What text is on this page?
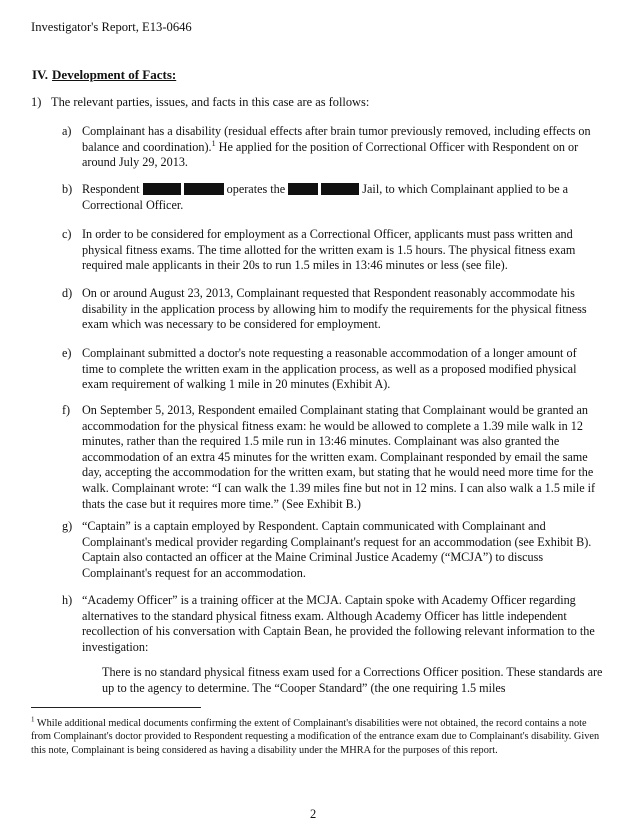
Investigator's Report, E13-0646
IV. Development of Facts:
1) The relevant parties, issues, and facts in this case are as follows:
a) Complainant has a disability (residual effects after brain tumor previously removed, including effects on balance and coordination).$^1$ He applied for the position of Correctional Officer with Respondent on or around July 29, 2013.
b) Respondent	operates the	Jail, to which Complainant applied to be a Correctional Officer.
c) In order to be considered for employment as a Correctional Officer, applicants must pass written and physical fitness exams. The time allotted for the written exam is 1.5 hours. The physical fitness exam required male applicants in their 20s to run 1.5 miles in 13:46 minutes or less (see file).
d) On or around August 23, 2013, Complainant requested that Respondent reasonably accommodate his disability in the application process by allowing him to modify the requirements for the physical fitness exam which was necessary to be considered for employment.
e) Complainant submitted a doctor's note requesting a reasonable accommodation of a longer amount of time to complete the written exam in the application process, as well as a proposed modified physical exam requirement of walking 1 mile in 20 minutes (Exhibit A).
f) On September 5, 2013, Respondent emailed Complainant stating that Complainant would be granted an accommodation for the physical fitness exam: he would be allowed to complete a 1.39 mile walk in 12 minutes, rather than the required 1.5 mile run in 13:46 minutes. Complainant was also granted the accommodation of an extra 45 minutes for the written exam. Complainant responded by email the same day, accepting the accommodation for the written exam, but stating that he would need more time for the walk. Complainant wrote: “I can walk the 1.39 miles fine but not in 12 mins. I can also walk a 1.5 mile if thats the case but it requires more time.” (See Exhibit B.)
g) “Captain” is a captain employed by Respondent. Captain communicated with Complainant and Complainant's medical provider regarding Complainant's request for an accommodation (see Exhibit B). Captain also contacted an officer at the Maine Criminal Justice Academy (“MCJA”) to discuss Complainant's request for an accommodation.
h) “Academy Officer” is a training officer at the MCJA. Captain spoke with Academy Officer regarding alternatives to the standard physical fitness exam. Although Academy Officer has little independent recollection of his conversation with Captain Bean, he provided the following relevant information to the investigation:
There is no standard physical fitness exam used for a Corrections Officer position. These standards are up to the agency to determine. The “Cooper Standard” (the one requiring 1.5 miles
$^1$ While additional medical documents confirming the extent of Complainant's disabilities were not obtained, the record contains a note from Complainant's doctor provided to Respondent requesting a modification of the entrance exam due to Complainant's disability. Given this note, Complainant is being considered as having a disability under the MHRA for the purposes of this report.
2
